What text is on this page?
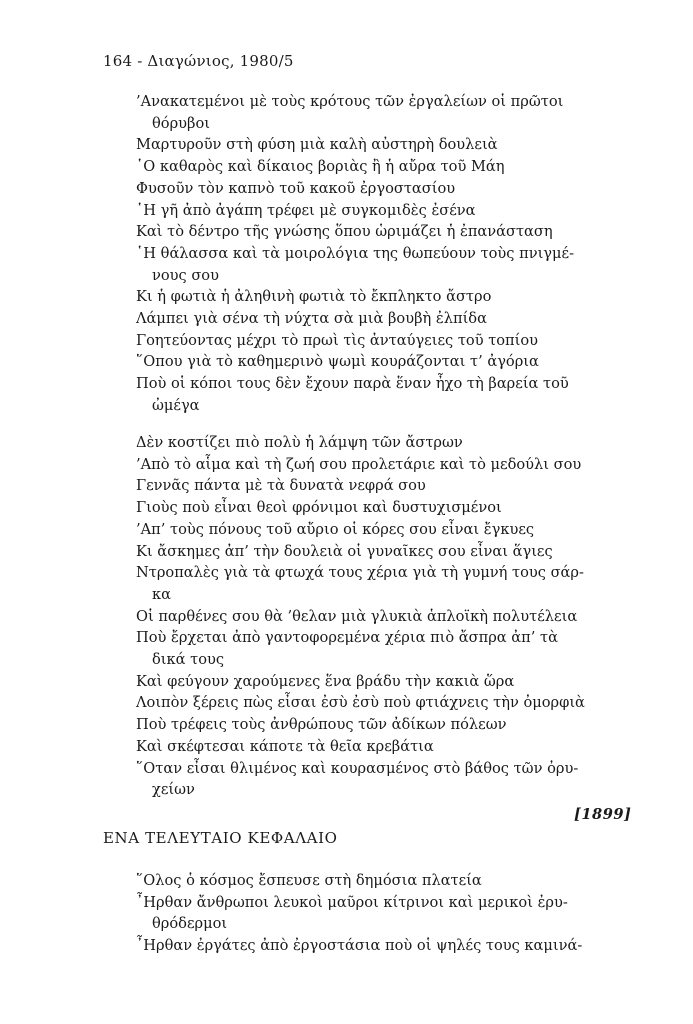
164 - Διαγώνιος, 1980/5
’Ανακατεμένοι μὲ τοὺς κρότους τῶν ἐργαλείων οἱ πρῶτοι
θόρυβοι
Μαρτυροῦν στὴ φύση μιὰ καλὴ αὐστηρὴ δουλειὰ
῾Ο καθαρὸς καὶ δίκαιος βοριὰς ἢ ἡ αὔρα τοῦ Μάη
Φυσοῦν τὸν καπνὸ τοῦ κακοῦ ἐργοστασίου
῾Η γῆ ἀπὸ ἀγάπη τρέφει μὲ συγκομιδὲς ἐσένα
Καὶ τὸ δέντρο τῆς γνώσης ὅπου ὡριμάζει ἡ ἐπανάσταση
῾Η θάλασσα καὶ τὰ μοιρολόγια της θωπεύουν τοὺς πνιγμέ-
νους σου
Κι ἡ φωτιὰ ἡ ἀληθινὴ φωτιὰ τὸ ἔκπληκτο ἄστρο
Λάμπει γιὰ σένα τὴ νύχτα σὰ μιὰ βουβὴ ἐλπίδα
Γοητεύοντας μέχρι τὸ πρωὶ τὶς ἀνταύγειες τοῦ τοπίου
῞Οπου γιὰ τὸ καθημερινὸ ψωμὶ κουράζονται τ’ ἀγόρια
Ποὺ οἱ κόποι τους δὲν ἔχουν παρὰ ἕναν ἦχο τὴ βαρεία τοῦ
ὠμέγα
Δὲν κοστίζει πιὸ πολὺ ἡ λάμψη τῶν ἄστρων
’Απὸ τὸ αἷμα καὶ τὴ ζωή σου προλετάριε καὶ τὸ μεδούλι σου
Γεννᾶς πάντα μὲ τὰ δυνατὰ νεφρά σου
Γιοὺς ποὺ εἶναι θεοὶ φρόνιμοι καὶ δυστυχισμένοι
’Απ’ τοὺς πόνους τοῦ αὔριο οἱ κόρες σου εἶναι ἔγκυες
Κι ἄσκημες ἀπ’ τὴν δουλειὰ οἱ γυναῖκες σου εἶναι ἅγιες
Ντροπαλὲς γιὰ τὰ φτωχά τους χέρια γιὰ τὴ γυμνή τους σάρ-
κα
Οἱ παρθένες σου θὰ ’θελαν μιὰ γλυκιὰ ἁπλοϊκὴ πολυτέλεια
Ποὺ ἔρχεται ἀπὸ γαντοφορεμένα χέρια πιὸ ἄσπρα ἀπ’ τὰ
δικά τους
Καὶ φεύγουν χαρούμενες ἕνα βράδυ τὴν κακιὰ ὥρα
Λοιπὸν ξέρεις πὼς εἶσαι ἐσὺ ἐσὺ ποὺ φτιάχνεις τὴν ὀμορφιὰ
Ποὺ τρέφεις τοὺς ἀνθρώπους τῶν ἀδίκων πόλεων
Καὶ σκέφτεσαι κάποτε τὰ θεῖα κρεβάτια
῞Οταν εἶσαι θλιμένος καὶ κουρασμένος στὸ βάθος τῶν ὀρυ-
χείων
[1899]
ΕΝΑ ΤΕΛΕΥΤΑΙΟ ΚΕΦΑΛΑΙΟ
῞Ολος ὁ κόσμος ἔσπευσε στὴ δημόσια πλατεία
῏Ηρθαν ἄνθρωποι λευκοὶ μαῦροι κίτρινοι καὶ μερικοὶ ἐρυ-
θρόδερμοι
῏Ηρθαν ἐργάτες ἀπὸ ἐργοστάσια ποὺ οἱ ψηλές τους καμινά-
